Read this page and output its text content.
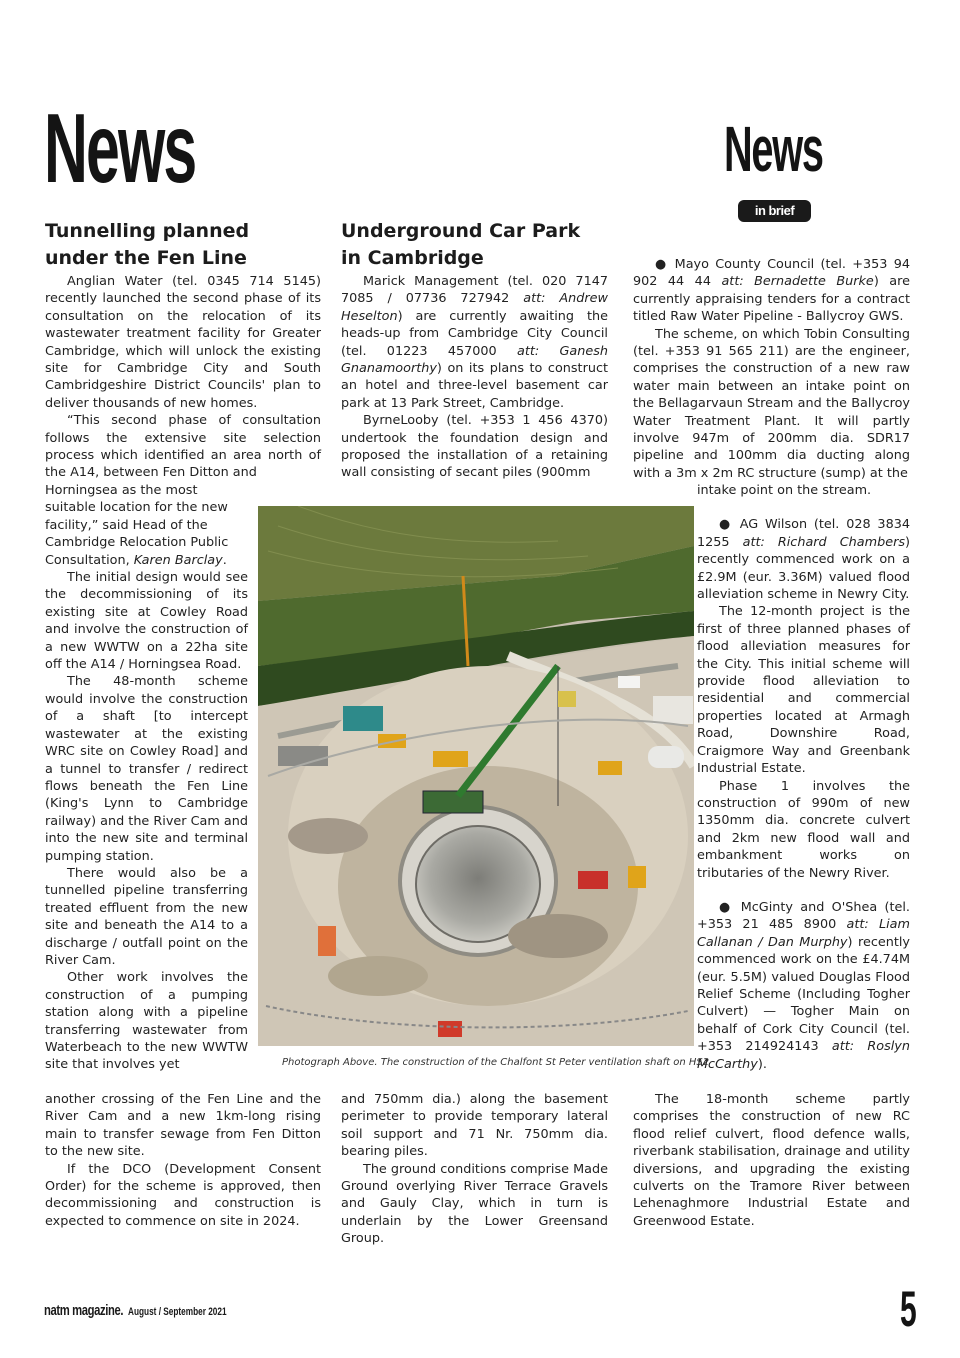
News	News
in brief
Tunnelling planned
under the Fen Line

Anglian Water (tel. 0345 714 5145) recently launched the second phase of its consultation on the relocation of its wastewater treatment facility for Greater Cambridge, which will unlock the existing site for Cambridge City and South Cambridgeshire District Councils' plan to deliver thousands of new homes.

“This second phase of consultation follows the extensive site selection process which identified an area north of the A14, between Fen Ditton and

Horningsea as the most
suitable location for the new
facility,” said Head of the
Cambridge Relocation Public
Consultation, Karen Barclay.

The initial design would see the decommissioning of its existing site at Cowley Road and involve the construction of a new WWTW on a 22ha site off the A14 / Horningsea Road.

The 48-month scheme would involve the construction of a shaft [to intercept wastewater at the existing WRC site on Cowley Road] and a tunnel to transfer / redirect flows beneath the Fen Line (King's Lynn to Cambridge railway) and the River Cam and into the new site and terminal pumping station.

There would also be a tunnelled pipeline transferring treated effluent from the new site and beneath the A14 to a discharge / outfall point on the River Cam.

Other work involves the construction of a pumping station along with a pipeline transferring wastewater from Waterbeach to the new WWTW site that involves yet

another crossing of the Fen Line and the River Cam and a new 1km-long rising main to transfer sewage from Fen Ditton to the new site.

If the DCO (Development Consent Order) for the scheme is approved, then decommissioning and construction is expected to commence on site in 2024.

Underground Car Park
in Cambridge

Marick Management (tel. 020 7147 7085 / 07736 727942 att: Andrew Heselton) are currently awaiting the heads-up from Cambridge City Council (tel. 01223 457000 att: Ganesh Gnanamoorthy) on its plans to construct an hotel and three-level basement car park at 13 Park Street, Cambridge.

ByrneLooby (tel. +353 1 456 4370) undertook the foundation design and proposed the installation of a retaining wall consisting of secant piles (900mm

and 750mm dia.) along the basement perimeter to provide temporary lateral soil support and 71 Nr. 750mm dia. bearing piles.

The ground conditions comprise Made Ground overlying River Terrace Gravels and Gauly Clay, which in turn is underlain by the Lower Greensand Group.

● Mayo County Council (tel. +353 94 902 44 44 att: Bernadette Burke) are currently appraising tenders for a contract titled Raw Water Pipeline - Ballycroy GWS.

The scheme, on which Tobin Consulting (tel. +353 91 565 211) are the engineer, comprises the construction of a new raw water main between an intake point on the Bellagarvaun Stream and the Ballycroy Water Treatment Plant. It will partly involve 947m of 200mm dia. SDR17 pipeline and 100mm dia ducting along with a 3m x 2m RC structure (sump) at the

intake point on the stream.

● AG Wilson (tel. 028 3834 1255 att: Richard Chambers) recently commenced work on a £2.9M (eur. 3.36M) valued flood alleviation scheme in Newry City.

The 12-month project is the first of three planned phases of flood alleviation measures for the City. This initial scheme will provide flood alleviation to residential and commercial properties located at Armagh Road, Downshire Road, Craigmore Way and Greenbank Industrial Estate.

Phase 1 involves the construction of 990m of new 1350mm dia. concrete culvert and 2km new flood wall and embankment works on tributaries of the Newry River.

● McGinty and O'Shea (tel. +353 21 485 8900 att: Liam Callanan / Dan Murphy) recently commenced work on the £4.74M (eur. 5.5M) valued Douglas Flood Relief Scheme (Including Togher Culvert) — Togher Main on behalf of Cork City Council (tel. +353 214924143 att: Roslyn McCarthy).

The 18-month scheme partly comprises the construction of new RC flood relief culvert, flood defence walls, riverbank stabilisation, drainage and utility diversions, and upgrading the existing culverts on the Tramore River between Lehenaghmore Industrial Estate and Greenwood Estate.

Photograph Above. The construction of the Chalfont St Peter ventilation shaft on HS2
natm magazine. August / September 2021	5
